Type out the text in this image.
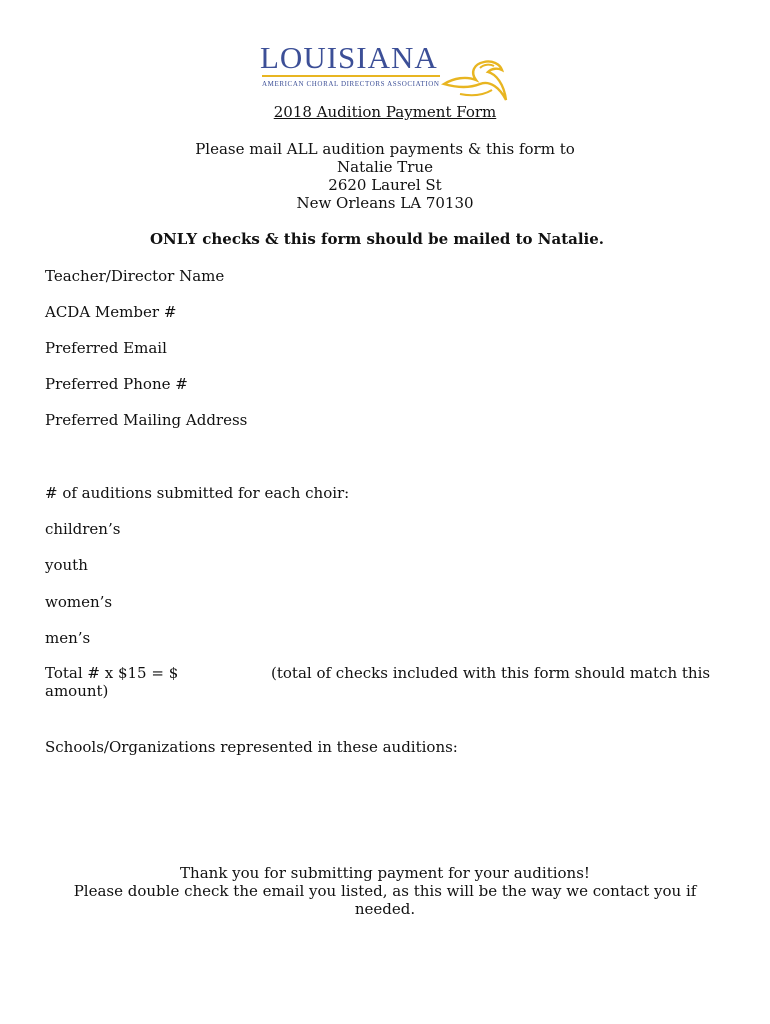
LOUISIANA
AMERICAN CHORAL DIRECTORS ASSOCIATION
2018 Audition Payment Form
Please mail ALL audition payments & this form to
Natalie True
2620 Laurel St
New Orleans LA 70130
ONLY checks & this form should be mailed to Natalie.
Teacher/Director Name
ACDA Member #
Preferred Email
Preferred Phone #
Preferred Mailing Address
# of auditions submitted for each choir:
children’s
youth
women’s
men’s
Total # x $15 = $	(total of checks included with this form should match this
amount)
Schools/Organizations represented in these auditions:
Thank you for submitting payment for your auditions!
Please double check the email you listed, as this will be the way we contact you if needed.
